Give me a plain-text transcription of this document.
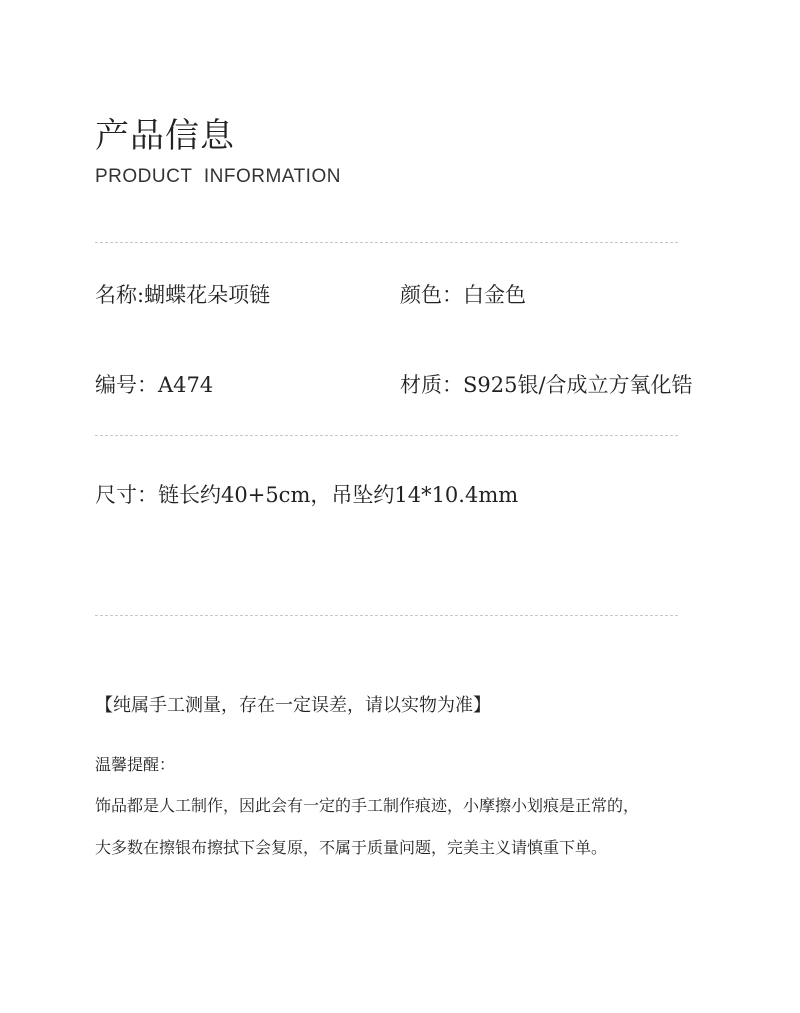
产品信息
PRODUCT INFORMATION
名称:蝴蝶花朵项链	颜色：白金色
编号：A474	材质：S925银/合成立方氧化锆
尺寸：链长约40+5cm，吊坠约14*10.4mm
【纯属手工测量，存在一定误差，请以实物为准】
温馨提醒：
饰品都是人工制作，因此会有一定的手工制作痕迹，小摩擦小划痕是正常的，
大多数在擦银布擦拭下会复原，不属于质量问题，完美主义请慎重下单。
